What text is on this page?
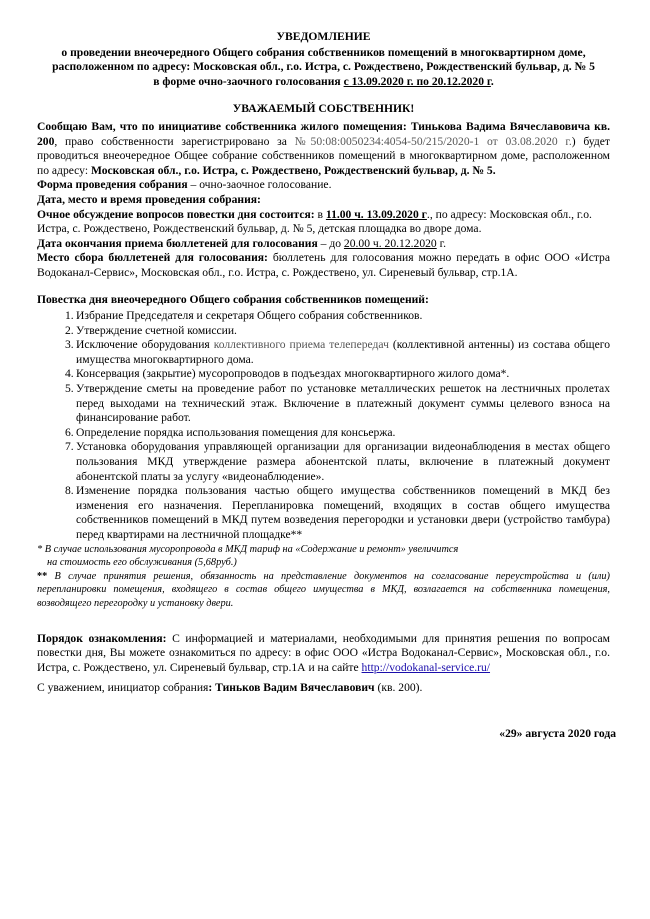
УВЕДОМЛЕНИЕ
о проведении внеочередного Общего собрания собственников помещений в многоквартирном доме,
расположенном по адресу: Московская обл., г.о. Истра, с. Рождествено, Рождественский бульвар, д. № 5
в форме очно-заочного голосования с 13.09.2020 г. по 20.12.2020 г.
УВАЖАЕМЫЙ СОБСТВЕННИК!
Сообщаю Вам, что по инициативе собственника жилого помещения: Тинькова Вадима Вячеславовича кв. 200, право собственности зарегистрировано за №50:08:0050234:4054-50/215/2020-1 от 03.08.2020 г.) будет проводиться внеочередное Общее собрание собственников помещений в многоквартирном доме, расположенном по адресу: Московская обл., г.о. Истра, с. Рождествено, Рождественский бульвар, д. № 5.
Форма проведения собрания – очно-заочное голосование.
Дата, место и время проведения собрания:
Очное обсуждение вопросов повестки дня состоится: в 11.00 ч. 13.09.2020 г., по адресу: Московская обл., г.о. Истра, с. Рождествено, Рождественский бульвар, д. № 5, детская площадка во дворе дома.
Дата окончания приема бюллетеней для голосования – до 20.00 ч. 20.12.2020 г.
Место сбора бюллетеней для голосования: бюллетень для голосования можно передать в офис ООО «Истра Водоканал-Сервис», Московская обл., г.о. Истра, с. Рождествено, ул. Сиреневый бульвар, стр.1А.
Повестка дня внеочередного Общего собрания собственников помещений:
1 . Избрание Председателя и секретаря Общего собрания собственников.
2 . Утверждение счетной комиссии.
3 . Исключение оборудования коллективного приема телепередач (коллективной антенны) из состава общего имущества многоквартирного дома.
4 . Консервация (закрытие) мусоропроводов в подъездах многоквартирного жилого дома*.
5 . Утверждение сметы на проведение работ по установке металлических решеток на лестничных пролетах перед выходами на технический этаж. Включение в платежный документ суммы целевого взноса на финансирование работ.
6 . Определение порядка использования помещения для консьержа.
7 . Установка оборудования управляющей организации для организации видеонаблюдения в местах общего пользования МКД утверждение размера абонентской платы, включение в платежный документ абонентской платы за услугу «видеонаблюдение».
8 . Изменение порядка пользования частью общего имущества собственников помещений в МКД без изменения его назначения. Перепланировка помещений, входящих в состав общего имущества собственников помещений в МКД путем возведения перегородки и установки двери (устройство тамбура) перед квартирами на лестничной площадке**
* В случае использования мусоропровода в МКД тариф на «Содержание и ремонт» увеличится
на стоимость его обслуживания (5,68руб.)
** В случае принятия решения, обязанность на представление документов на согласование переустройства и (или) перепланировки помещения, входящего в состав общего имущества в МКД, возлагается на собственника помещения, возводящего перегородку и установку двери.
Порядок ознакомления: С информацией и материалами, необходимыми для принятия решения по вопросам повестки дня, Вы можете ознакомиться по адресу: в офис ООО «Истра Водоканал-Сервис», Московская обл., г.о. Истра, с. Рождествено, ул. Сиреневый бульвар, стр.1А и на сайте http://vodokanal-service.ru/
С уважением, инициатор собрания: Тиньков Вадим Вячеславович (кв. 200).
«29» августа 2020 года
